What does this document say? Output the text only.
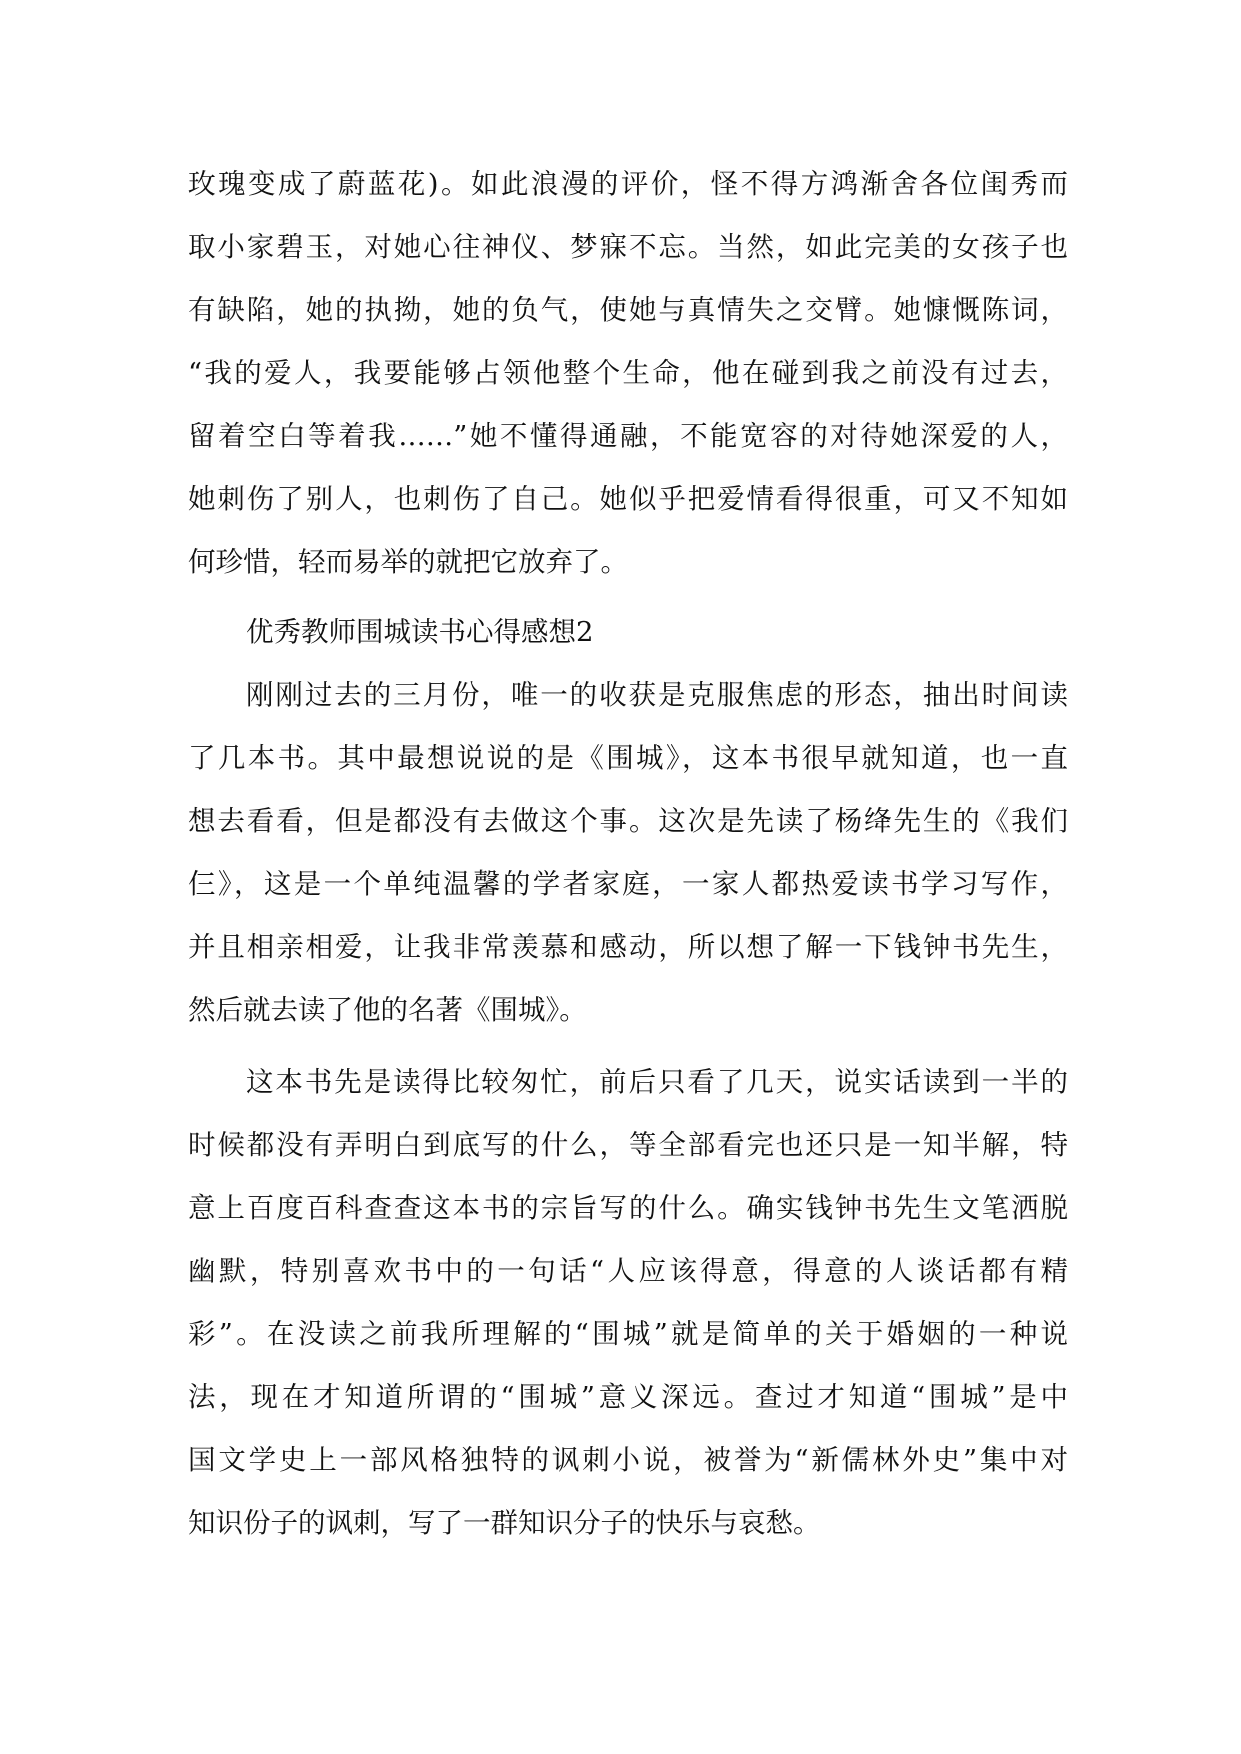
玫瑰变成了蔚蓝花)。如此浪漫的评价，怪不得方鸿渐舍各位闺秀而
取小家碧玉，对她心往神仪、梦寐不忘。当然，如此完美的女孩子也
有缺陷，她的执拗，她的负气，使她与真情失之交臂。她慷慨陈词，
“我的爱人，我要能够占领他整个生命，他在碰到我之前没有过去，
留着空白等着我……”她不懂得通融，不能宽容的对待她深爱的人，
她刺伤了别人，也刺伤了自己。她似乎把爱情看得很重，可又不知如
何珍惜，轻而易举的就把它放弃了。
优秀教师围城读书心得感想2
刚刚过去的三月份，唯一的收获是克服焦虑的形态，抽出时间读
了几本书。其中最想说说的是《围城》，这本书很早就知道，也一直
想去看看，但是都没有去做这个事。这次是先读了杨绛先生的《我们
仨》，这是一个单纯温馨的学者家庭，一家人都热爱读书学习写作，
并且相亲相爱，让我非常羡慕和感动，所以想了解一下钱钟书先生，
然后就去读了他的名著《围城》。
这本书先是读得比较匆忙，前后只看了几天，说实话读到一半的
时候都没有弄明白到底写的什么，等全部看完也还只是一知半解，特
意上百度百科查查这本书的宗旨写的什么。确实钱钟书先生文笔洒脱
幽默，特别喜欢书中的一句话“人应该得意，得意的人谈话都有精
彩”。在没读之前我所理解的“围城”就是简单的关于婚姻的一种说
法，现在才知道所谓的“围城”意义深远。查过才知道“围城”是中
国文学史上一部风格独特的讽刺小说，被誉为“新儒林外史”集中对
知识份子的讽刺，写了一群知识分子的快乐与哀愁。
